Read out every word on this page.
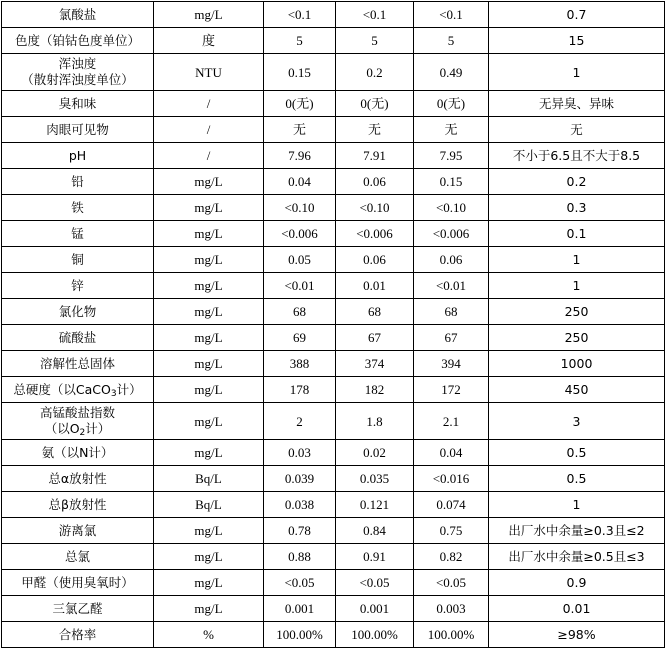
氯酸盐	mg/L	<0.1	<0.1	<0.1	0.7
色度（铂钴色度单位）	度	5	5	5	15

浑浊度
（散射浑浊度单位）	NTU	0.15	0.2	0.49	1
臭和味	/	0(无)	0(无)	0(无)	无异臭、异味
肉眼可见物	/	无	无	无	无
pH	/	7.96	7.91	7.95	不小于6.5且不大于8.5
铅	mg/L	0.04	0.06	0.15	0.2
铁	mg/L	<0.10	<0.10	<0.10	0.3
锰	mg/L	<0.006	<0.006	<0.006	0.1
铜	mg/L	0.05	0.06	0.06	1
锌	mg/L	<0.01	0.01	<0.01	1
氯化物	mg/L	68	68	68	250
硫酸盐	mg/L	69	67	67	250
溶解性总固体	mg/L	388	374	394	1000
总硬度（以CaCO$_3$计）	mg/L	178	182	172	450

高锰酸盐指数
（以$O_2$计）	mg/L	2	1.8	2.1	3
氨（以N计）	mg/L	0.03	0.02	0.04	0.5
总α放射性	Bq/L	0.039	0.035	<0.016	0.5
总β放射性	Bq/L	0.038	0.121	0.074	1
游离氯	mg/L	0.78	0.84	0.75	出厂水中余量≥0.3且≤2
总氯	mg/L	0.88	0.91	0.82	出厂水中余量≥0.5且≤3
甲醛（使用臭氧时）	mg/L	<0.05	<0.05	<0.05	0.9
三氯乙醛	mg/L	0.001	0.001	0.003	0.01
合格率	%	100.00%	100.00%	100.00%	≥98%
